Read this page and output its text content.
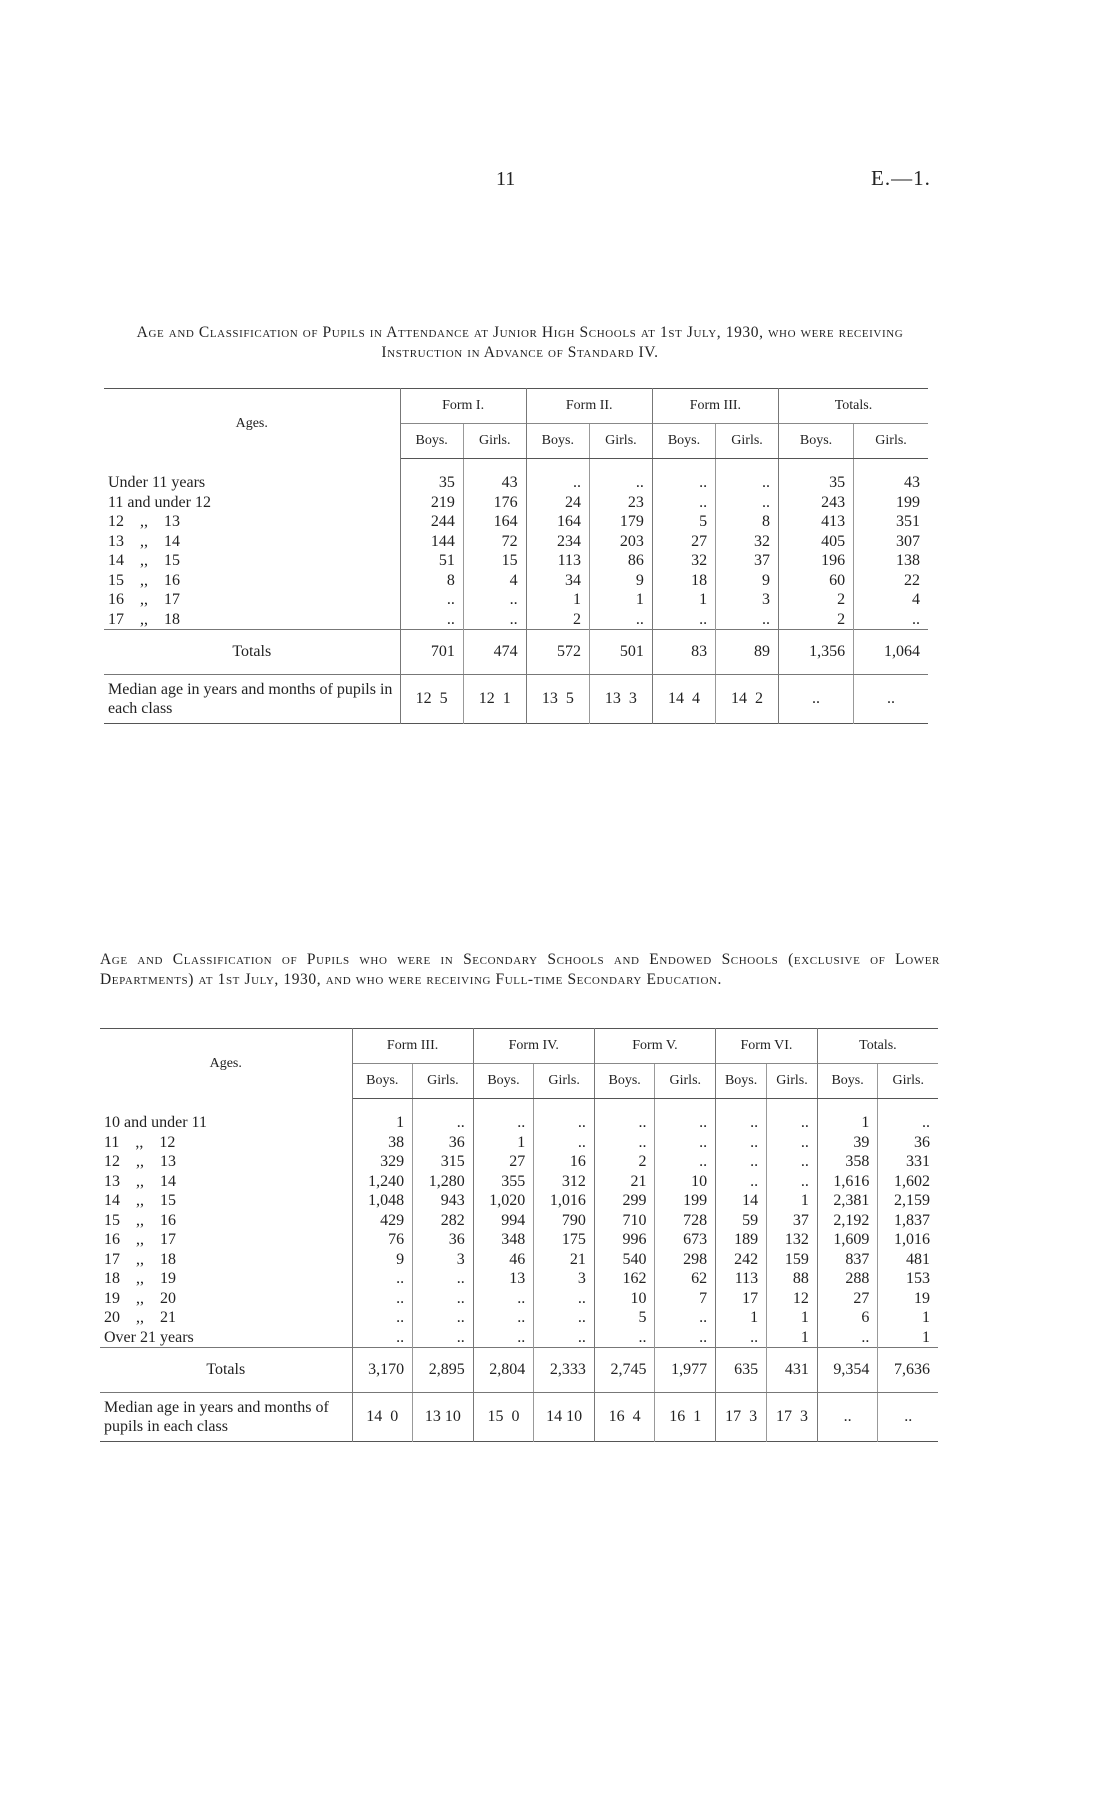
11	E.—1.
Age and Classification of Pupils in Attendance at Junior High Schools at 1st July, 1930, who were receiving Instruction in Advance of Standard IV.
Ages.	Form I.		Form II.		Form III.		Totals.	
	Boys.	Girls.	Boys.	Girls.	Boys.	Girls.	Boys.	Girls.

Under 11 years	35	43	..	..	..	..	35	43
11 and under 12	219	176	24	23	..	..	243	199
12    ,,    13	244	164	164	179	5	8	413	351
13    ,,    14	144	72	234	203	27	32	405	307
14    ,,    15	51	15	113	86	32	37	196	138
15    ,,    16	8	4	34	9	18	9	60	22
16    ,,    17	..	..	1	1	1	3	2	4
17    ,,    18	..	..	2	..	..	..	2	..
Totals	701	474	572	501	83	89	1,356	1,064
Median age in years and months of pupils in each class	12  5	12  1	13  5	13  3	14  4	14  2	..	..
Age and Classification of Pupils who were in Secondary Schools and Endowed Schools (exclusive of Lower Departments) at 1st July, 1930, and who were receiving Full-time Secondary Education.
Ages.	Form III.		Form IV.		Form V.		Form VI.		Totals.	
	Boys.	Girls.	Boys.	Girls.	Boys.	Girls.	Boys.	Girls.	Boys.	Girls.

10 and under 11	1	..	..	..	..	..	..	..	1	..
11    ,,    12	38	36	1	..	..	..	..	..	39	36
12    ,,    13	329	315	27	16	2	..	..	..	358	331
13    ,,    14	1,240	1,280	355	312	21	10	..	..	1,616	1,602
14    ,,    15	1,048	943	1,020	1,016	299	199	14	1	2,381	2,159
15    ,,    16	429	282	994	790	710	728	59	37	2,192	1,837
16    ,,    17	76	36	348	175	996	673	189	132	1,609	1,016
17    ,,    18	9	3	46	21	540	298	242	159	837	481
18    ,,    19	..	..	13	3	162	62	113	88	288	153
19    ,,    20	..	..	..	..	10	7	17	12	27	19
20    ,,    21	..	..	..	..	5	..	1	1	6	1
Over 21 years	..	..	..	..	..	..	..	1	..	1
Totals	3,170	2,895	2,804	2,333	2,745	1,977	635	431	9,354	7,636
Median age in years and months of pupils in each class	14  0	13 10	15  0	14 10	16  4	16  1	17  3	17  3	..	..
